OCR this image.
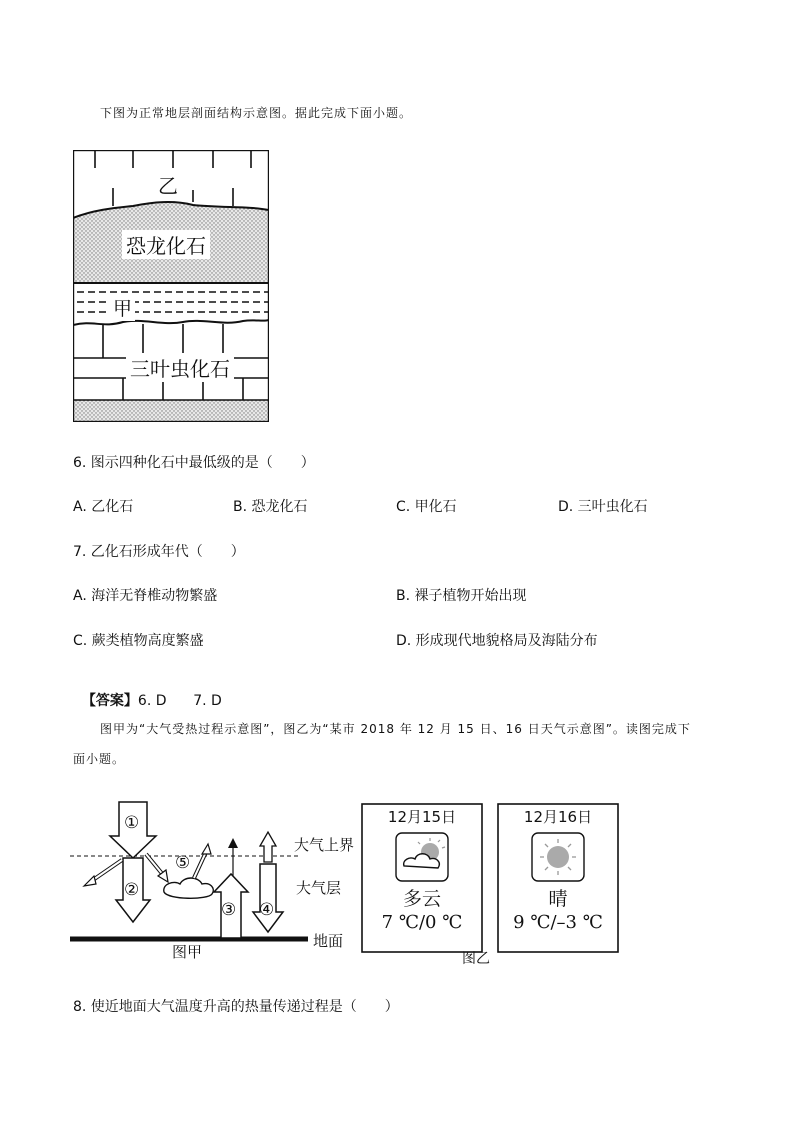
下图为正常地层剖面结构示意图。据此完成下面小题。
乙
恐龙化石
甲
三叶虫化石
6. 图示四种化石中最低级的是（　　）
A. 乙化石	B. 恐龙化石	C. 甲化石	D. 三叶虫化石
7. 乙化石形成年代（　　）
A. 海洋无脊椎动物繁盛	B. 裸子植物开始出现
C. 蕨类植物高度繁盛	D. 形成现代地貌格局及海陆分布

【答案】6. D      7. D

图甲为“大气受热过程示意图”，图乙为“某市 2018 年 12 月 15 日、16 日天气示意图”。读图完成下
面小题。
①
②
③ ④
⑤
大气上界
大气层
地面
图甲
12月15日
多云
7 ℃/0 ℃
12月16日
晴
9 ℃/–3 ℃
图乙
8. 使近地面大气温度升高的热量传递过程是（　　）
